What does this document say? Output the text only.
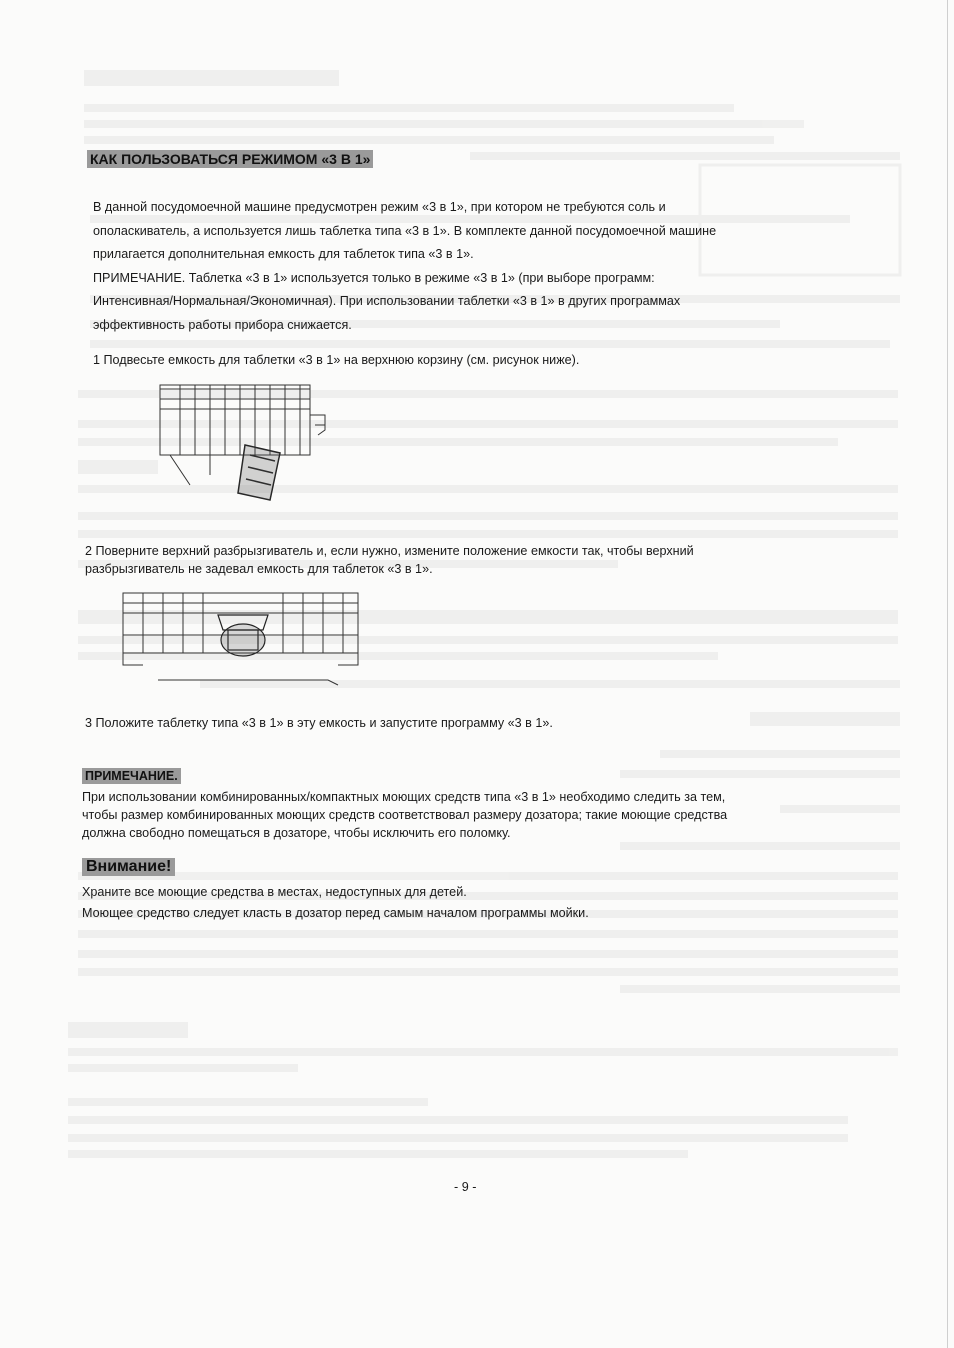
КАК ПОЛЬЗОВАТЬСЯ РЕЖИМОМ «3 В 1»
В данной посудомоечной машине предусмотрен режим «3 в 1», при котором не требуются соль и
ополаскиватель, а используется лишь таблетка типа «3 в 1». В комплекте данной посудомоечной машине
прилагается дополнительная емкость для таблеток типа «3 в 1».
ПРИМЕЧАНИЕ. Таблетка «3 в 1» используется только в режиме «3 в 1» (при выборе программ:
Интенсивная/Нормальная/Экономичная). При использовании таблетки «3 в 1» в других программах
эффективность работы прибора снижается.

1 Подвесьте емкость для таблетки «3 в 1» на верхнюю корзину (см. рисунок ниже).

2 Поверните верхний разбрызгиватель и, если нужно, измените положение емкости так, чтобы верхний
разбрызгиватель не задевал емкость для таблеток «3 в 1».

3 Положите таблетку типа «3 в 1» в эту емкость и запустите программу «3 в 1».

ПРИМЕЧАНИЕ.
При использовании комбинированных/компактных моющих средств типа «3 в 1» необходимо следить за тем,
чтобы размер комбинированных моющих средств соответствовал размеру дозатора; такие моющие средства
должна свободно помещаться в дозаторе, чтобы исключить его поломку.
Внимание!
Храните все моющие средства в местах, недоступных для детей.
Моющее средство следует класть в дозатор перед самым началом программы мойки.
- 9 -
